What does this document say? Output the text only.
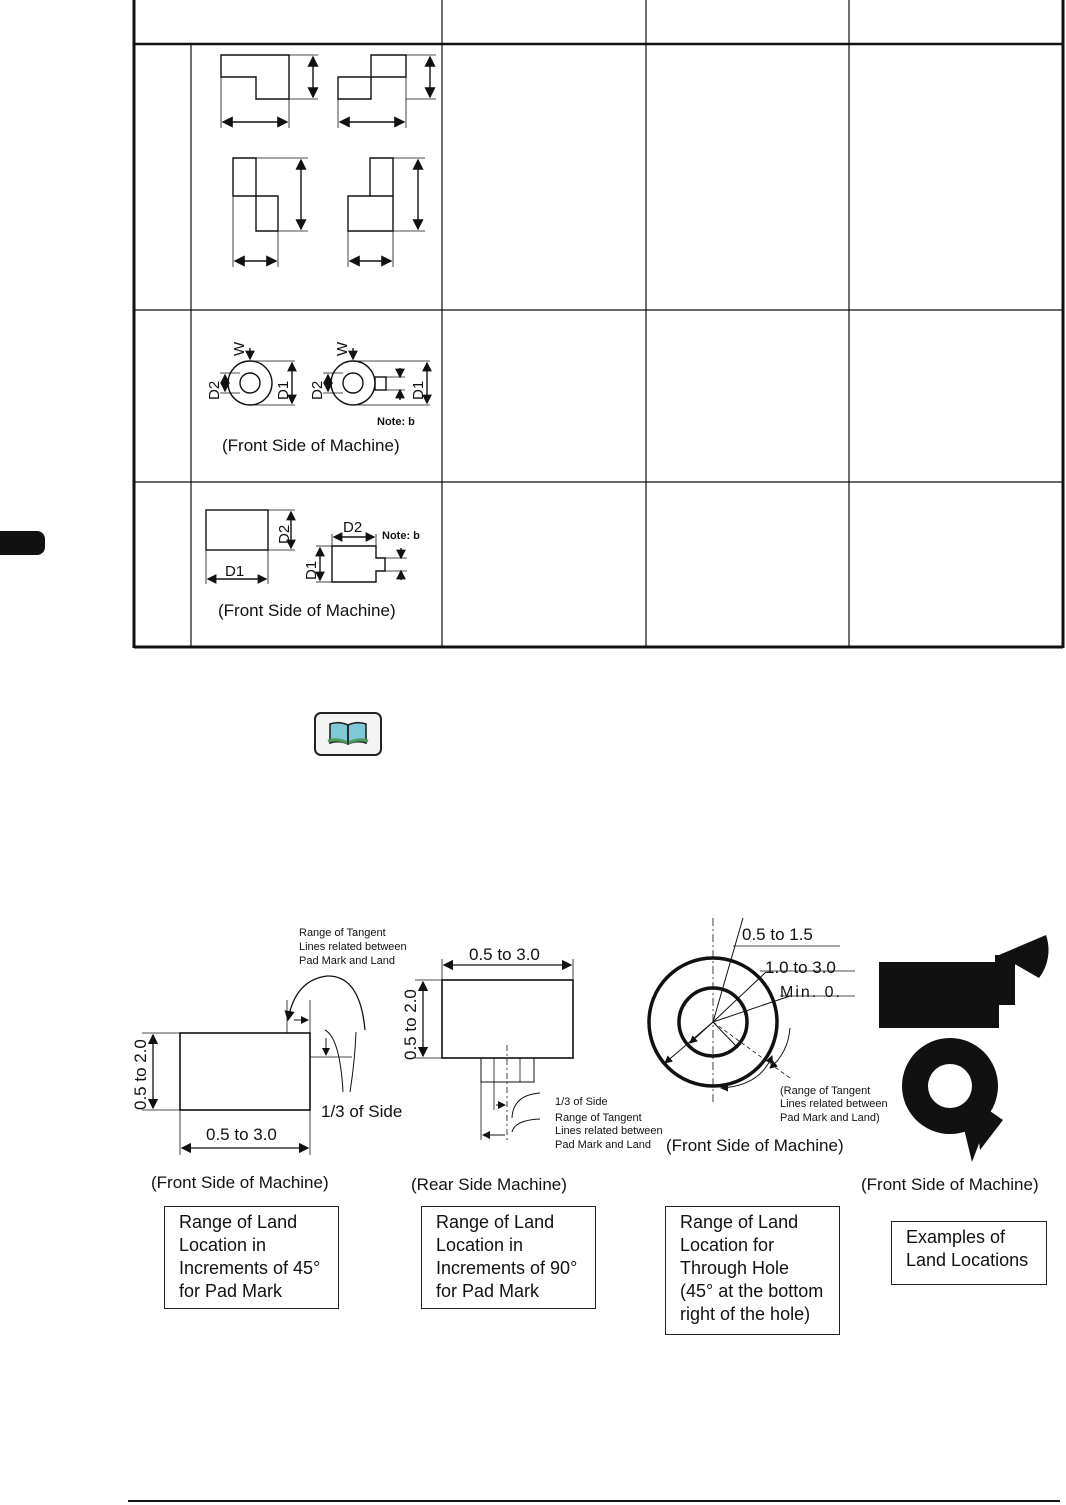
W
D2	D1
W
D2	D1
Note: b
(Front Side of Machine)
D1
D2	D2
D1
Note: b
(Front Side of Machine)
Range of Tangent
Lines related between
Pad Mark and Land
0.5 to 2.0
0.5 to 3.0
1/3 of Side
(Front Side of Machine)
Range of Land
Location in
Increments of 45°
for Pad Mark
0.5 to 3.0
0.5 to 2.0
1/3 of Side
Range of Tangent
Lines related between
Pad Mark and Land
(Rear Side Machine)
Range of Land
Location in
Increments of 90°
for Pad Mark
0.5 to 1.5
1.0 to 3.0
Min. 0.
(Range of Tangent
Lines related between
Pad Mark and Land)
(Front Side of Machine)
Range of Land
Location for
Through Hole
(45° at the bottom
right of the hole)
(Front Side of Machine)
Examples of
Land Locations
